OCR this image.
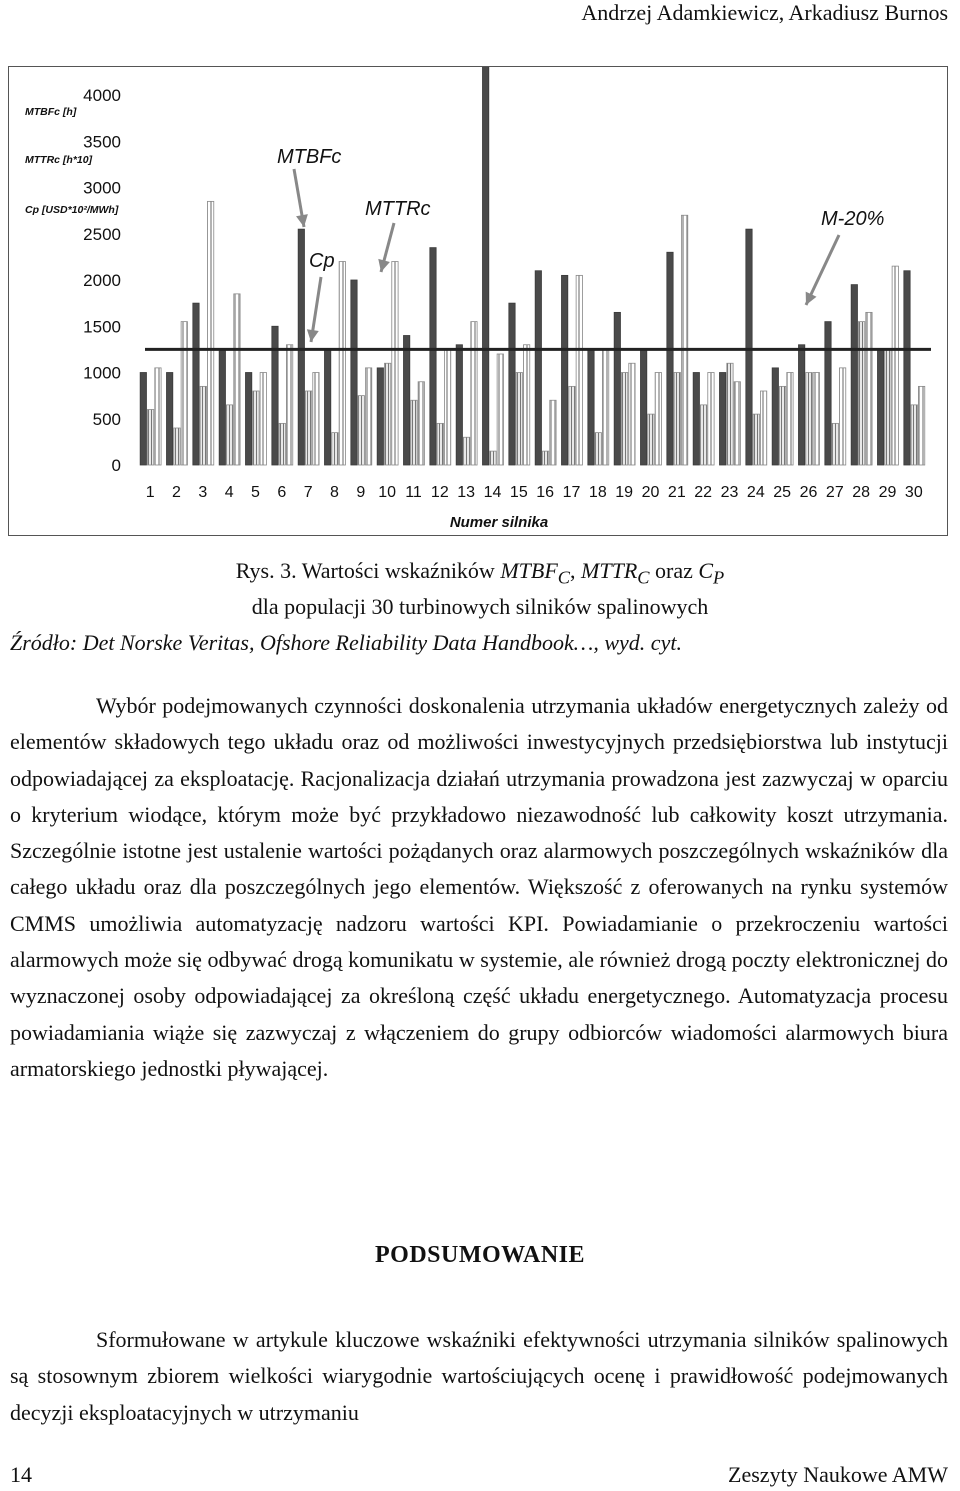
Andrzej Adamkiewicz, Arkadiusz Burnos
0
500
1000
1500
2000
2500
3000
3500
4000
1 2 3 4 5 6 7 8 9 10 11 12 13 14 15 16 17 18 19 20 21 22 23 24 25 26 27 28 29 30
MTBFc [h]
MTTRc [h*10]
Cp [USD*10²/MWh]
MTBFc
MTTRc
Cp
M-20%
Numer silnika
Rys. 3. Wartości wskaźników $MTBF_C$, $MTTR_C$ oraz $C_P$
dla populacji 30 turbinowych silników spalinowych
Źródło: Det Norske Veritas, Ofshore Reliability Data Handbook…, wyd. cyt.

Wybór podejmowanych czynności doskonalenia utrzymania układów energetycznych zależy od elementów składowych tego układu oraz od możliwości inwestycyjnych przedsiębiorstwa lub instytucji odpowiadającej za eksploatację. Racjonalizacja działań utrzymania prowadzona jest zazwyczaj w oparciu o kryterium wiodące, którym może być przykładowo niezawodność lub całkowity koszt utrzymania. Szczególnie istotne jest ustalenie wartości pożądanych oraz alarmowych poszczególnych wskaźników dla całego układu oraz dla poszczególnych jego elementów. Większość z oferowanych na rynku systemów CMMS umożliwia automatyzację nadzoru wartości KPI. Powiadamianie o przekroczeniu wartości alarmowych może się odbywać drogą komunikatu w systemie, ale również drogą poczty elektronicznej do wyznaczonej osoby odpowiadającej za określoną część układu energetycznego. Automatyzacja procesu powiadamiania wiąże się zazwyczaj z włączeniem do grupy odbiorców wiadomości alarmowych biura armatorskiego jednostki pływającej.

PODSUMOWANIE

Sformułowane w artykule kluczowe wskaźniki efektywności utrzymania silników spalinowych są stosownym zbiorem wielkości wiarygodnie wartościujących ocenę i prawidłowość podejmowanych decyzji eksploatacyjnych w utrzymaniu

14	Zeszyty Naukowe AMW
